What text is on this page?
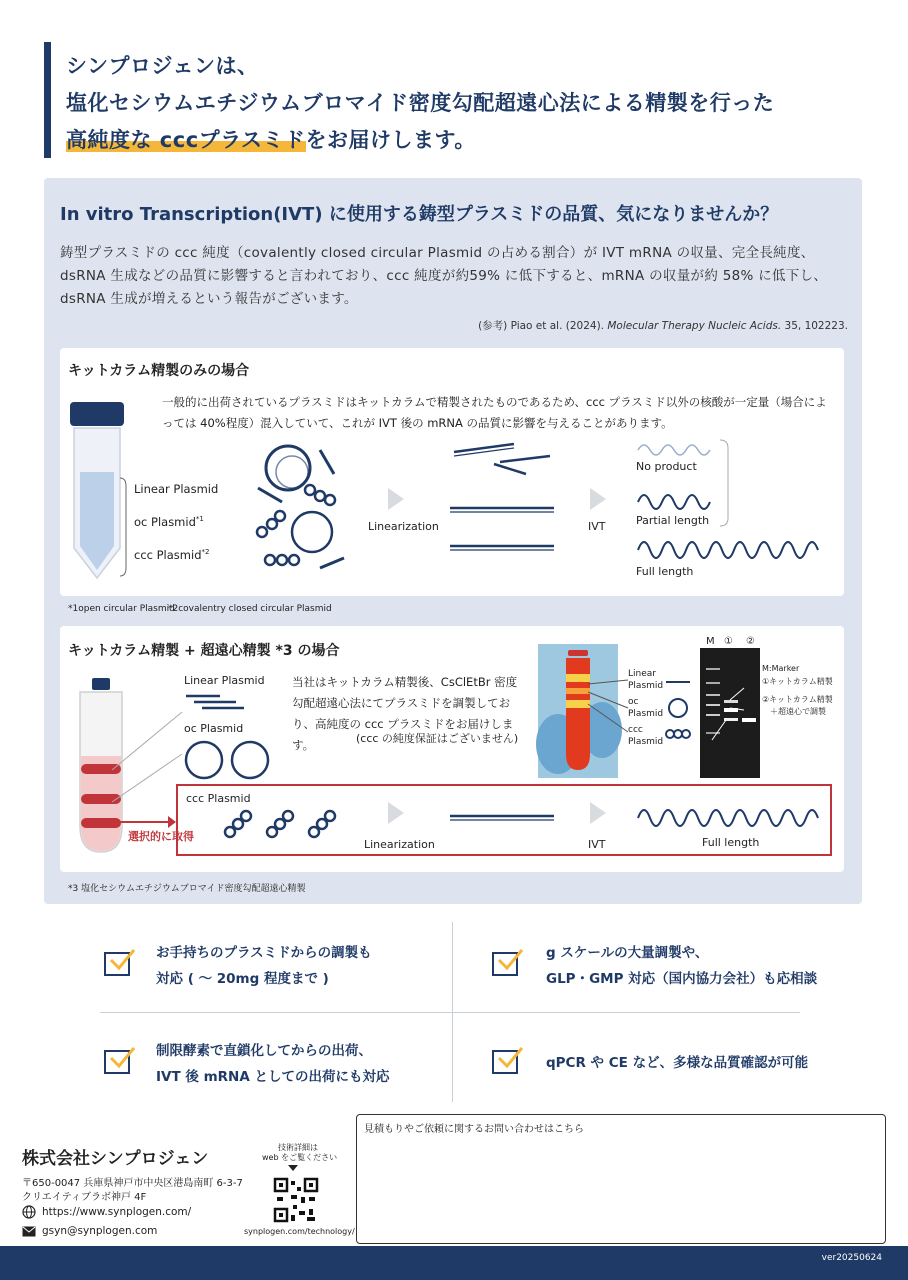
シンプロジェンは、
塩化セシウムエチジウムブロマイド密度勾配超遠心法による精製を行った
高純度な cccプラスミドをお届けします。
In vitro Transcription(IVT) に使用する鋳型プラスミドの品質、気になりませんか？
鋳型プラスミドの ccc 純度（covalently closed circular Plasmid の占める割合）が IVT mRNA の収量、完全長純度、dsRNA 生成などの品質に影響すると言われており、ccc 純度が約59% に低下すると、mRNA の収量が約 58% に低下し、dsRNA 生成が増えるという報告がございます。
(参考) Piao et al. (2024). Molecular Therapy Nucleic Acids. 35, 102223.
キットカラム精製のみの場合
一般的に出荷されているプラスミドはキットカラムで精製されたものであるため、ccc プラスミド以外の核酸が一定量（場合によっては 40%程度）混入していて、これが IVT 後の mRNA の品質に影響を与えることがあります。
Linear Plasmid
oc Plasmid$^{*1}$
ccc Plasmid$^{*2}$
Linearization	IVT
No product
Partial length
Full length
*1open circular Plasmid
*2covalentry closed circular Plasmid
キットカラム精製 + 超遠心精製 *3 の場合
Linear Plasmid
oc Plasmid
当社はキットカラム精製後、CsClEtBr 密度勾配超遠心法にてプラスミドを調製しており、高純度の ccc プラスミドをお届けします。	(ccc の純度保証はございません)
Linear Plasmid
oc Plasmid
ccc Plasmid
M ① ②
M:Marker
①キットカラム精製
②キットカラム精製
＋超遠心で調製
選択的に取得
ccc Plasmid
Linearization	IVT	Full length
*3 塩化セシウムエチジウムブロマイド密度勾配超遠心精製
お手持ちのプラスミドからの調製も
対応 ( ～ 20mg 程度まで )
g スケールの大量調製や、
GLP・GMP 対応（国内協力会社）も応相談
制限酵素で直鎖化してからの出荷、
IVT 後 mRNA としての出荷にも対応
qPCR や CE など、多様な品質確認が可能
株式会社シンプロジェン
〒650-0047 兵庫県神戸市中央区港島南町 6-3-7
クリエイティブラボ神戸 4F
https://www.synplogen.com/
gsyn@synplogen.com
技術詳細は
web をご覧ください
synplogen.com/technology/
見積もりやご依頼に関するお問い合わせはこちら
ver20250624
